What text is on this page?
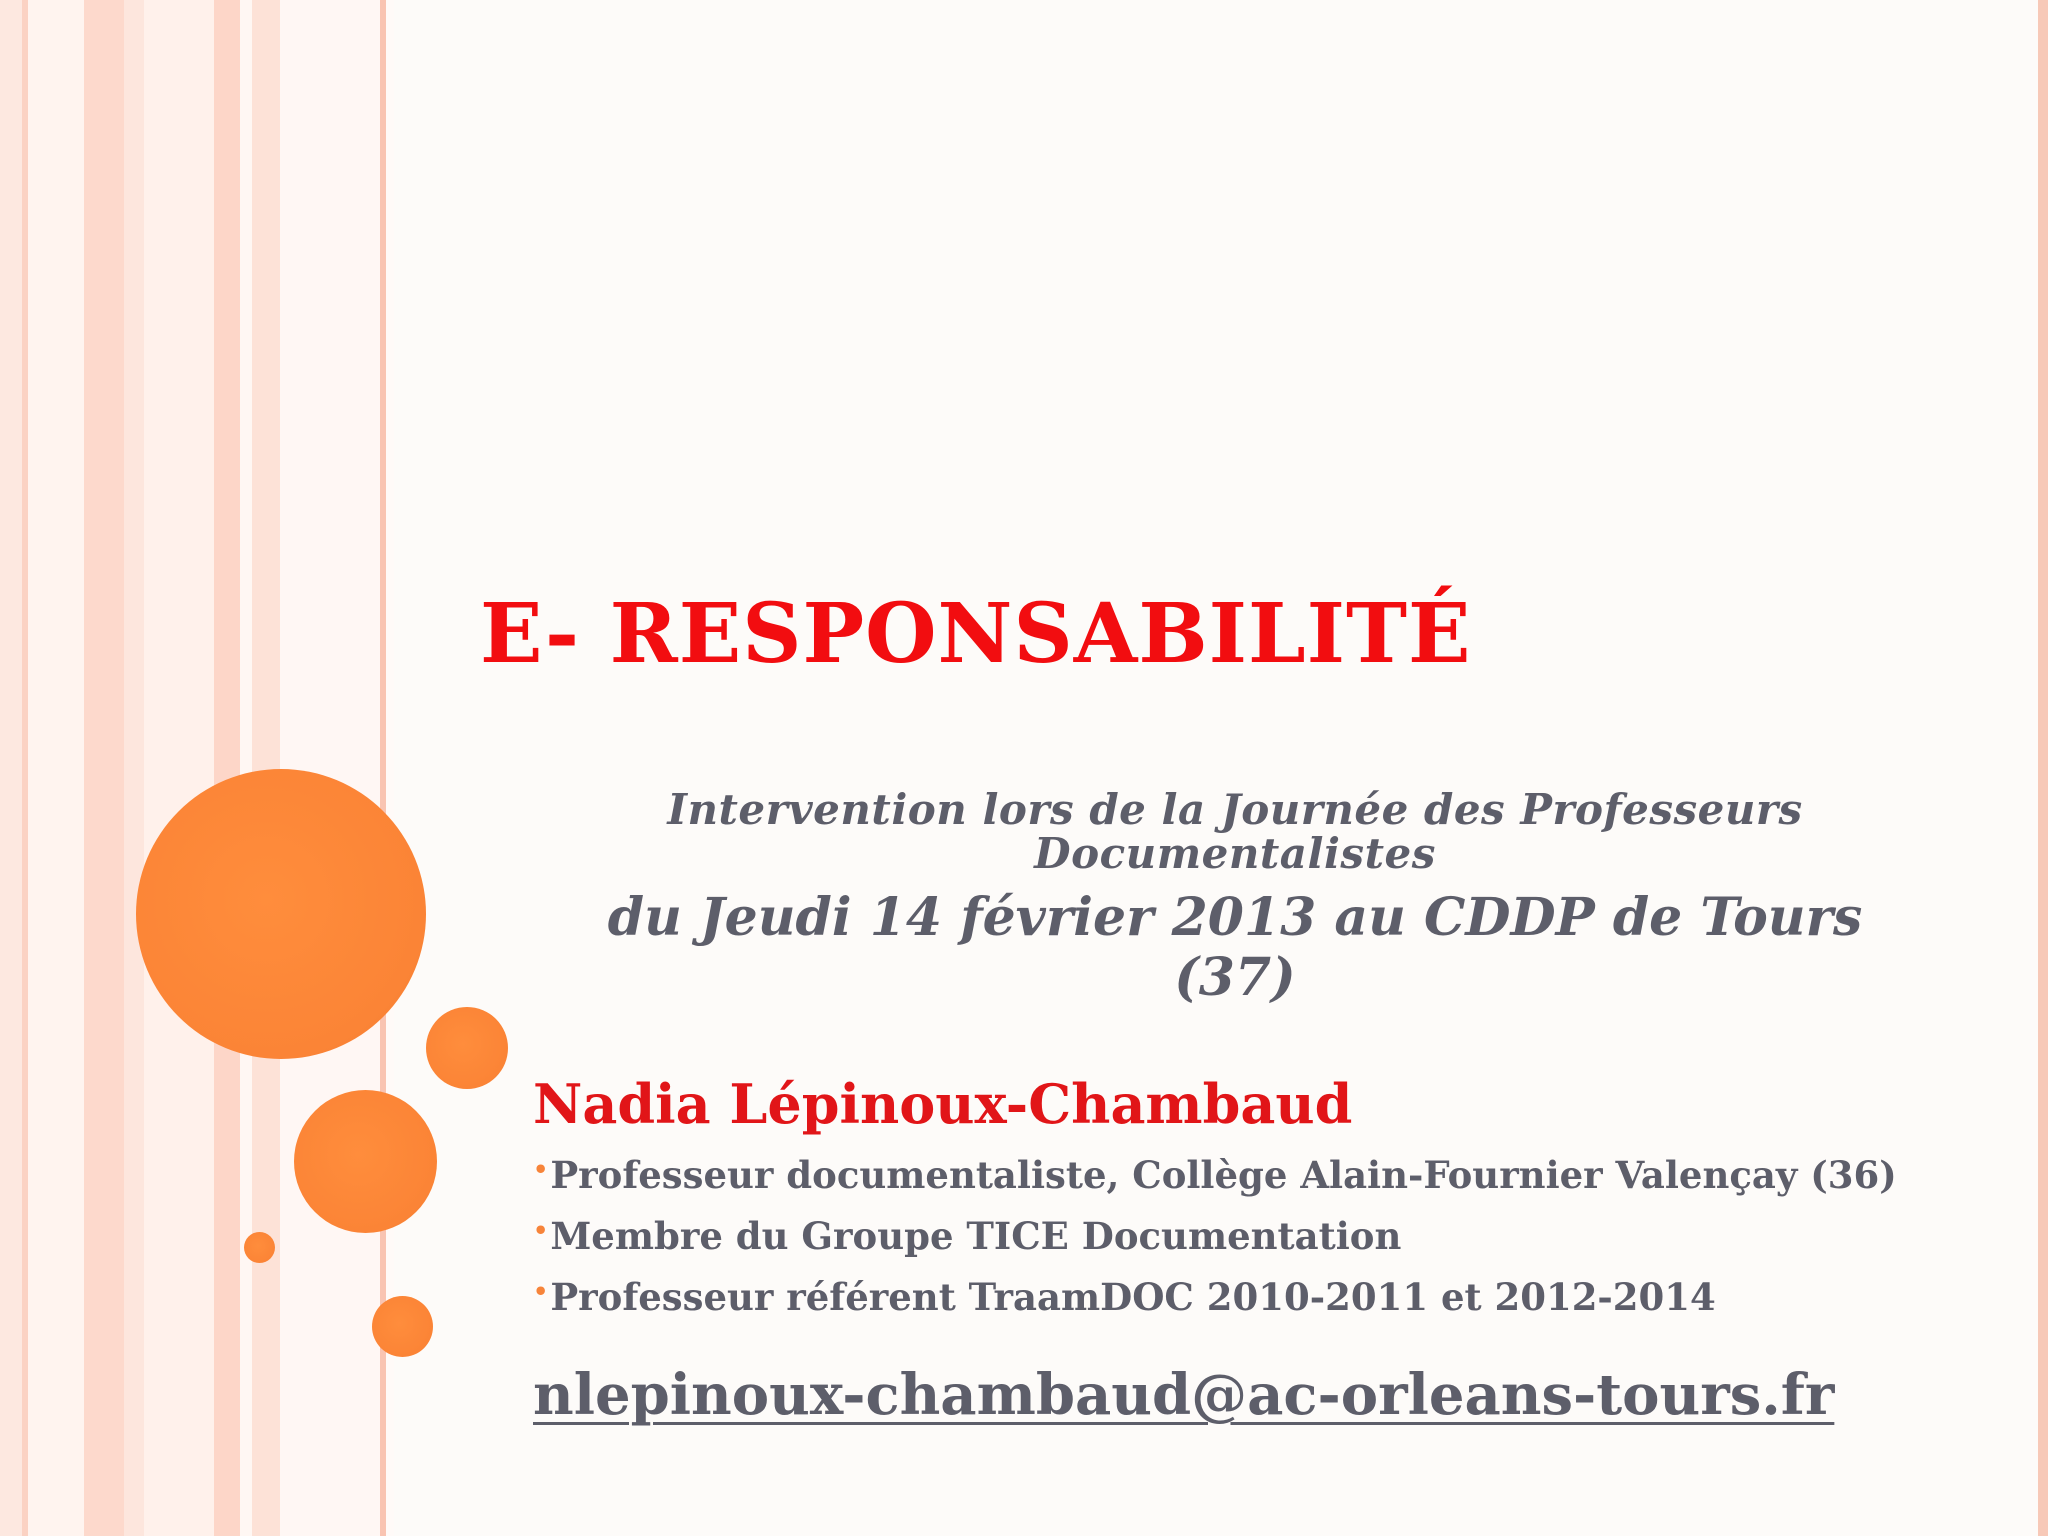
E- RESPONSABILITÉ
Intervention lors de la Journée des Professeurs
Documentalistes
du Jeudi 14 février 2013 au CDDP de Tours (37)
Nadia Lépinoux-Chambaud
•Professeur documentaliste, Collège Alain-Fournier Valençay (36)
•Membre du Groupe TICE Documentation
•Professeur référent TraamDOC 2010-2011 et 2012-2014
nlepinoux-chambaud@ac-orleans-tours.fr
